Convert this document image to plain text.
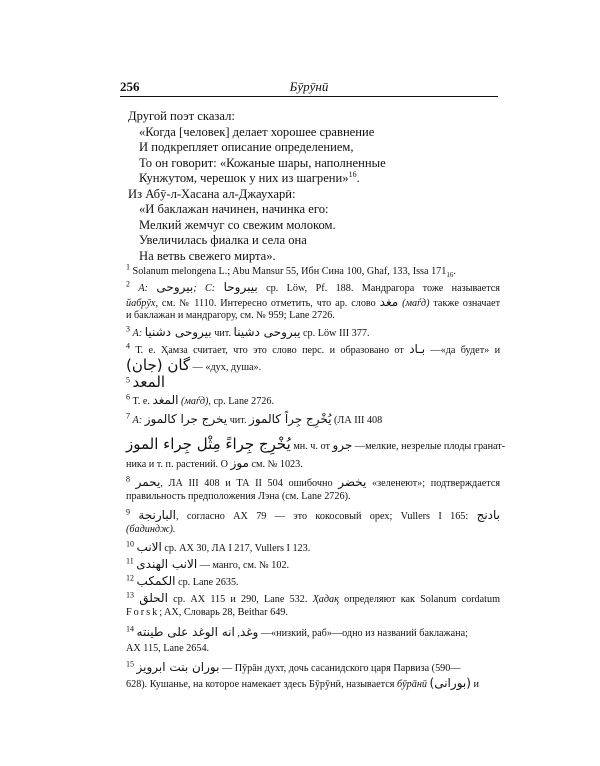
256	Бӯрӯнӣ
Другой поэт сказал:
«Когда [человек] делает хорошее сравнение
И подкрепляет описание определением,
То он говорит: «Кожаные шары, наполненные
Кунжутом, черешок у них из шагрени»$^{16}$.
Из Абӯ-л-Хасана ал-Джаухарӣ:
«И баклажан начинен, начинка его:
Мелкий жемчуг со свежим молоком.
Увеличилась фиалка и села она
На ветвь свежего мирта».
$^1$ Solanum melongena L.; Abu Mansur 55, Ибн Сина 100, Ghaf, 133, Issa $171_{16}$.
$^2$ A: بیروحی; C: بیبروحا ср. Löw, Pf. 188. Мандрагора тоже называется
йабрӯх, см. № 1110. Интересно отметить, что ар. слово مغد (маѓд) также означает
и баклажан и мандрагору, см. № 959; Lane 2726.
$^3$ A: بیروحی دشنیا чит. یبروحی دشینا ср. Löw III 377.
$^4$ Т. е. Ҳамза считает, что это слово перс. и образовано от بـاد —«да будет» и
(جان) گان — «дух, душа».
$^5$ المعد
$^6$ Т. е. المغد (маѓд), ср. Lane 2726.
$^7$ A: یخرج جرا کالموز чит. يُخْرِج جِراً كالموز (ЛА III 408
يُخْرِج جِراءً مِثْل جِراء الموز мн. ч. от جرو —мелкие, незрелые плоды гранат-
ника и т. п. растений. О موز см. № 1023.
$^8$ یحمر, ЛА III 408 и ТА II 504 ошибочно یخضر «зеленеют»; подтверждается
правильность предположения Лэна (см. Lane 2726).
$^9$ البارنجة, согласно AX 79 — это кокосовый орех; Vullers I 165: بادنج
(бадиндж).
$^{10}$ الانب ср. AX 30, ЛА I 217, Vullers I 123.
$^{11}$ الانب الهندی — манго, см. № 102.
$^{12}$ الکمکب ср. Lane 2635.
$^{13}$ الحلق ср. AX 115 и 290, Lane 532. Ҳадақ определяют как Solanum cordatum
Forsk; AX, Словарь 28, Beithar 649.
$^{14}$	وغد, انه الوغد علی طینته	—«низкий, раб»—одно из названий баклажана;
AX 115, Lane 2654.
$^{15}$ بوران بنت ابرویز — Пӯрāн духт, дочь сасанидского царя Парвиза (590—
628). Кушанье, на которое намекает здесь Бӯрӯнӣ, называется бӯрāнӣ (بورانی) и
